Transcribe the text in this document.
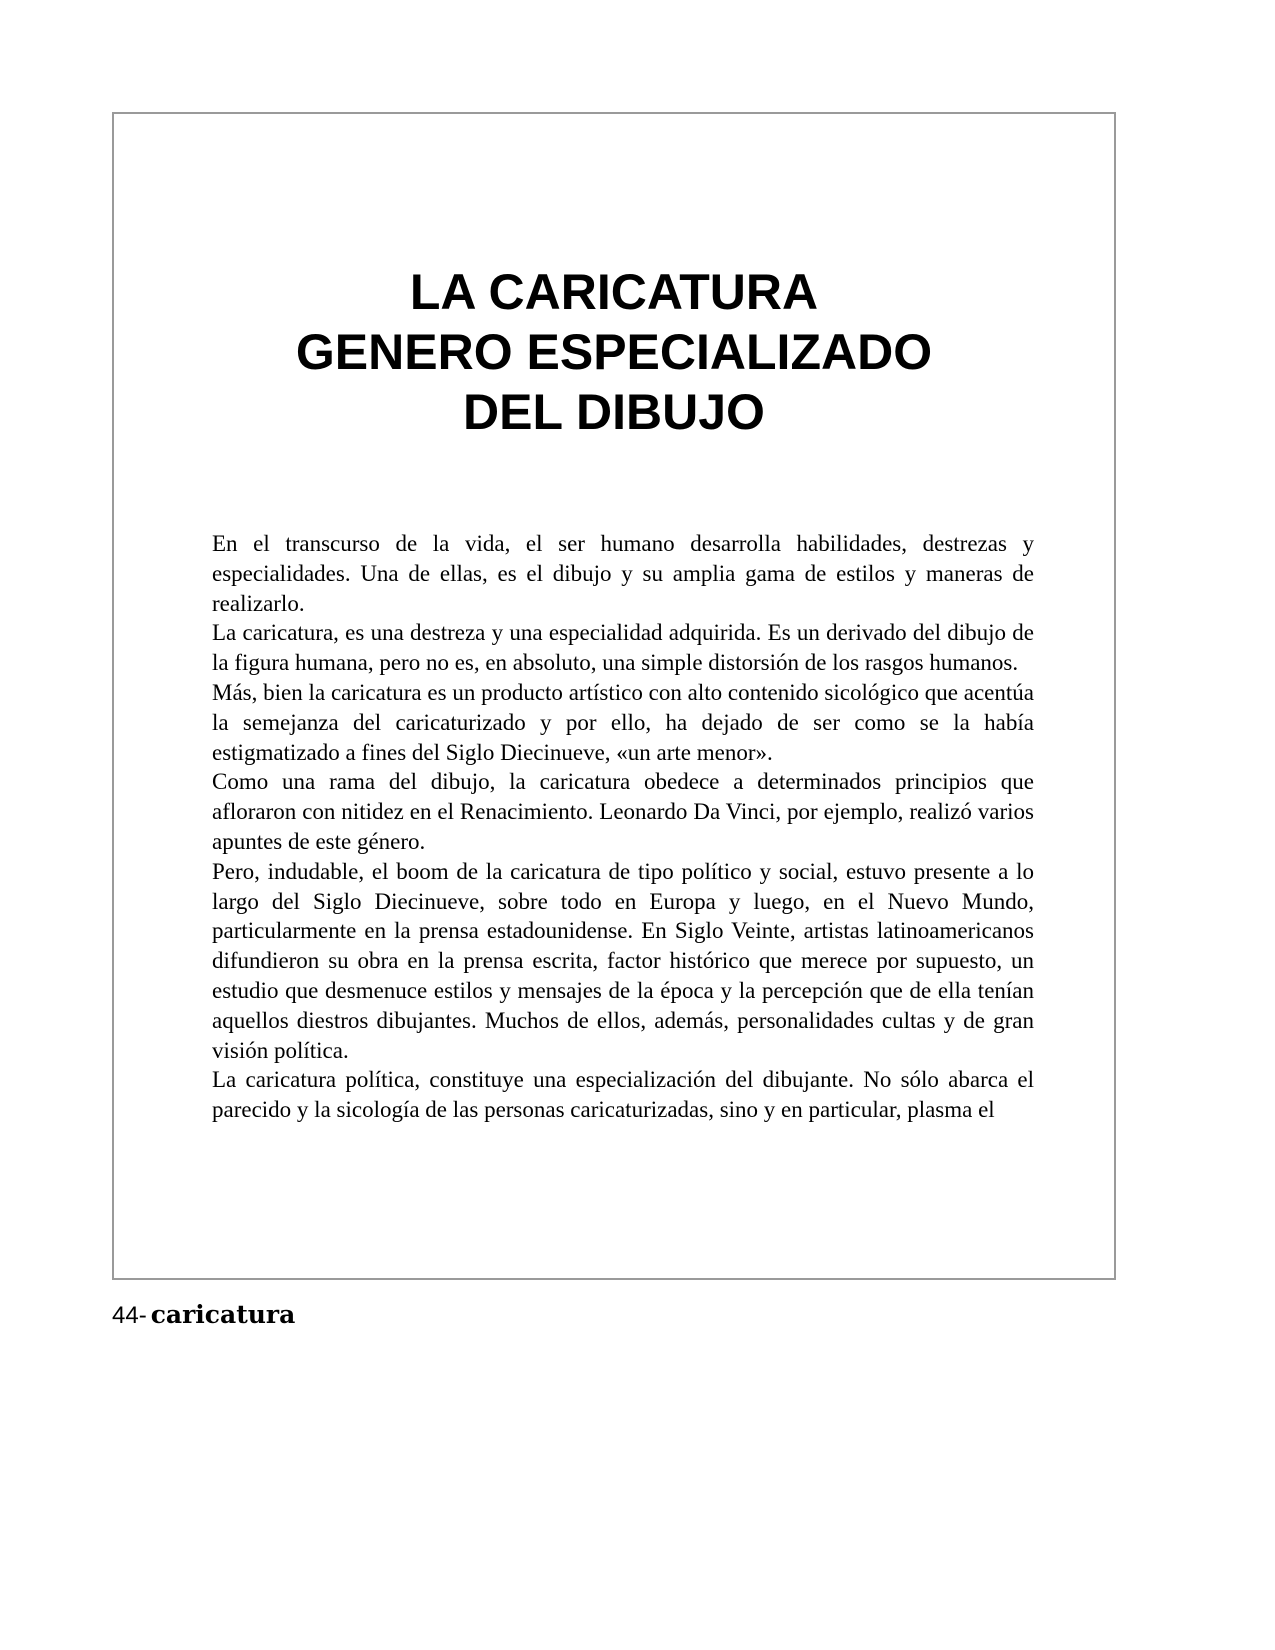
LA CARICATURA
GENERO ESPECIALIZADO
DEL DIBUJO

En el transcurso de la vida, el ser humano desarrolla habilidades, destrezas y especialidades. Una de ellas, es el dibujo y su amplia gama de estilos y maneras de realizarlo.

La caricatura, es una destreza y una especialidad adquirida. Es un derivado del dibujo de la figura humana, pero no es, en absoluto, una simple distorsión de los rasgos humanos.

Más, bien la caricatura es un producto artístico con alto contenido sicológico que acentúa la semejanza del caricaturizado y por ello, ha dejado de ser como se la había estigmatizado a fines del Siglo Diecinueve, «un arte menor».

Como una rama del dibujo, la caricatura obedece a determinados principios que afloraron con nitidez en el Renacimiento. Leonardo Da Vinci, por ejemplo, realizó varios apuntes de este género.

Pero, indudable, el boom de la caricatura de tipo político y social, estuvo presente a lo largo del Siglo Diecinueve, sobre todo en Europa y luego, en el Nuevo Mundo, particularmente en la prensa estadounidense. En Siglo Veinte, artistas latinoamericanos difundieron su obra en la prensa escrita, factor histórico que merece por supuesto, un estudio que desmenuce estilos y mensajes de la época y la percepción que de ella tenían aquellos diestros dibujantes. Muchos de ellos, además, personalidades cultas y de gran visión política.

La caricatura política, constituye una especialización del dibujante. No sólo abarca el parecido y la sicología de las personas caricaturizadas, sino y en particular, plasma el

44- caricatura
